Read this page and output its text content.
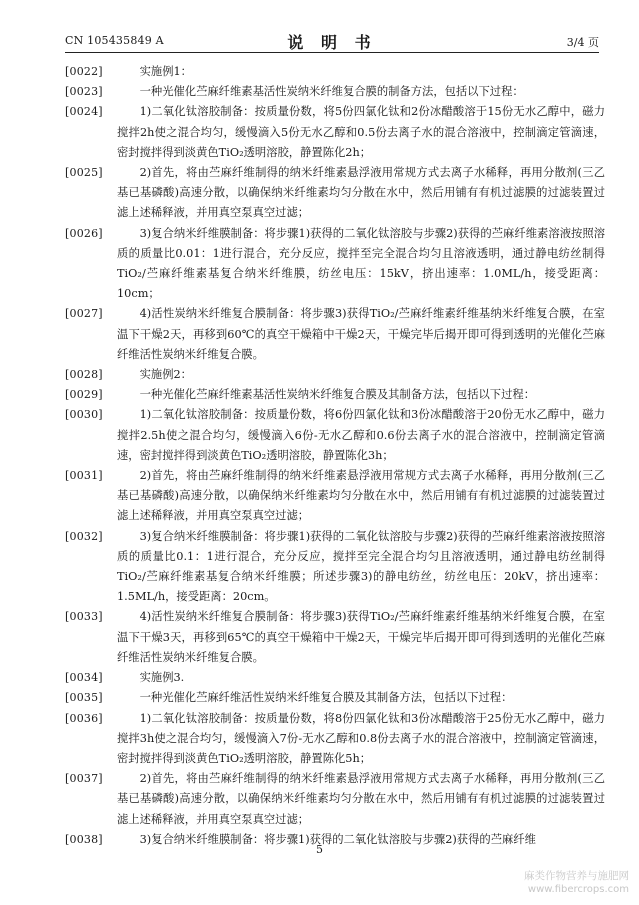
CN 105435849 A	说 明 书	3/4 页
[0022]	实施例1：
[0023]	一种光催化苎麻纤维素基活性炭纳米纤维复合膜的制备方法，包括以下过程：
[0024]	1)二氧化钛溶胶制备：按质量份数，将5份四氯化钛和2份冰醋酸溶于15份无水乙醇中，磁力搅拌2h使之混合均匀，缓慢滴入5份无水乙醇和0.5份去离子水的混合溶液中，控制滴定管滴速，密封搅拌得到淡黄色TiO₂透明溶胶，静置陈化2h；
[0025]	2)首先，将由苎麻纤维制得的纳米纤维素悬浮液用常规方式去离子水稀释，再用分散剂(三乙基已基磷酸)高速分散，以确保纳米纤维素均匀分散在水中，然后用铺有有机过滤膜的过滤装置过滤上述稀释液，并用真空泵真空过滤；
[0026]	3)复合纳米纤维膜制备：将步骤1)获得的二氧化钛溶胶与步骤2)获得的苎麻纤维素溶液按照溶质的质量比0.01：1进行混合，充分反应，搅拌至完全混合均匀且溶液透明，通过静电纺丝制得TiO₂/苎麻纤维素基复合纳米纤维膜，纺丝电压：15kV，挤出速率：1.0ML/h，接受距离：10cm；
[0027]	4)活性炭纳米纤维复合膜制备：将步骤3)获得TiO₂/苎麻纤维素纤维基纳米纤维复合膜，在室温下干燥2天，再移到60℃的真空干燥箱中干燥2天，干燥完毕后揭开即可得到透明的光催化苎麻纤维活性炭纳米纤维复合膜。
[0028]	实施例2：
[0029]	一种光催化苎麻纤维素基活性炭纳米纤维复合膜及其制备方法，包括以下过程：
[0030]	1)二氧化钛溶胶制备：按质量份数，将6份四氯化钛和3份冰醋酸溶于20份无水乙醇中，磁力搅拌2.5h使之混合均匀，缓慢滴入6份-无水乙醇和0.6份去离子水的混合溶液中，控制滴定管滴速，密封搅拌得到淡黄色TiO₂透明溶胶，静置陈化3h；
[0031]	2)首先，将由苎麻纤维制得的纳米纤维素悬浮液用常规方式去离子水稀释，再用分散剂(三乙基已基磷酸)高速分散，以确保纳米纤维素均匀分散在水中，然后用铺有有机过滤膜的过滤装置过滤上述稀释液，并用真空泵真空过滤；
[0032]	3)复合纳米纤维膜制备：将步骤1)获得的二氧化钛溶胶与步骤2)获得的苎麻纤维素溶液按照溶质的质量比0.1：1进行混合，充分反应，搅拌至完全混合均匀且溶液透明，通过静电纺丝制得TiO₂/苎麻纤维素基复合纳米纤维膜；所述步骤3)的静电纺丝，纺丝电压：20kV，挤出速率：1.5ML/h，接受距离：20cm。
[0033]	4)活性炭纳米纤维复合膜制备：将步骤3)获得TiO₂/苎麻纤维素纤维基纳米纤维复合膜，在室温下干燥3天，再移到65℃的真空干燥箱中干燥2天，干燥完毕后揭开即可得到透明的光催化苎麻纤维活性炭纳米纤维复合膜。
[0034]	实施例3.
[0035]	一种光催化苎麻纤维活性炭纳米纤维复合膜及其制备方法，包括以下过程：
[0036]	1)二氧化钛溶胶制备：按质量份数，将8份四氯化钛和3份冰醋酸溶于25份无水乙醇中，磁力搅拌3h使之混合均匀，缓慢滴入7份-无水乙醇和0.8份去离子水的混合溶液中，控制滴定管滴速，密封搅拌得到淡黄色TiO₂透明溶胶，静置陈化5h；
[0037]	2)首先，将由苎麻纤维制得的纳米纤维素悬浮液用常规方式去离子水稀释，再用分散剂(三乙基已基磷酸)高速分散，以确保纳米纤维素均匀分散在水中，然后用铺有有机过滤膜的过滤装置过滤上述稀释液，并用真空泵真空过滤；
[0038]	3)复合纳米纤维膜制备：将步骤1)获得的二氧化钛溶胶与步骤2)获得的苎麻纤维
5
麻类作物营养与施肥网
www.fibercrops.com
